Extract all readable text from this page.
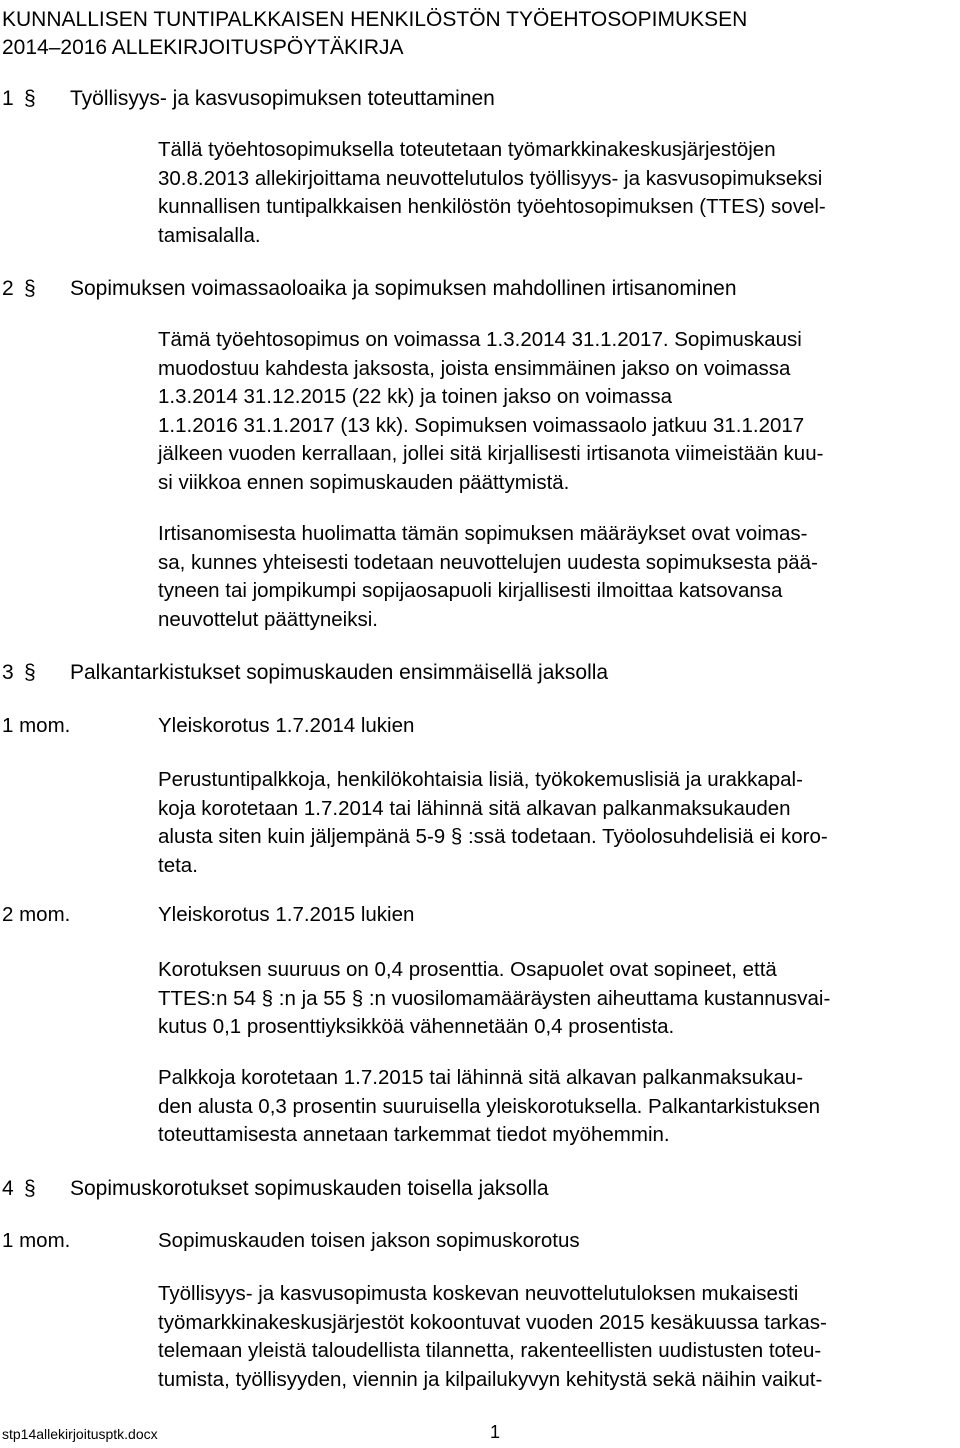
KUNNALLISEN TUNTIPALKKAISEN HENKILÖSTÖN TYÖEHTOSOPIMUKSEN
2014–2016 ALLEKIRJOITUSPÖYTÄKIRJA
1 § Työllisyys- ja kasvusopimuksen toteuttaminen

Tällä työehtosopimuksella toteutetaan työmarkkinakeskusjärjestöjen
30.8.2013 allekirjoittama neuvottelutulos työllisyys- ja kasvusopimukseksi
kunnallisen tuntipalkkaisen henkilöstön työehtosopimuksen (TTES) sovel-
tamisalalla.

2 § Sopimuksen voimassaoloaika ja sopimuksen mahdollinen irtisanominen

Tämä työehtosopimus on voimassa 1.3.2014 31.1.2017. Sopimuskausi
muodostuu kahdesta jaksosta, joista ensimmäinen jakso on voimassa
1.3.2014 31.12.2015 (22 kk) ja toinen jakso on voimassa
1.1.2016 31.1.2017 (13 kk). Sopimuksen voimassaolo jatkuu 31.1.2017
jälkeen vuoden kerrallaan, jollei sitä kirjallisesti irtisanota viimeistään kuu-
si viikkoa ennen sopimuskauden päättymistä.

Irtisanomisesta huolimatta tämän sopimuksen määräykset ovat voimas-
sa, kunnes yhteisesti todetaan neuvottelujen uudesta sopimuksesta pää-
tyneen tai jompikumpi sopijaosapuoli kirjallisesti ilmoittaa katsovansa
neuvottelut päättyneiksi.

3 § Palkantarkistukset sopimuskauden ensimmäisellä jaksolla
1 mom.	Yleiskorotus 1.7.2014 lukien

Perustuntipalkkoja, henkilökohtaisia lisiä, työkokemuslisiä ja urakkapal-
koja korotetaan 1.7.2014 tai lähinnä sitä alkavan palkanmaksukauden
alusta siten kuin jäljempänä 5-9 § :ssä todetaan. Työolosuhdelisiä ei koro-
teta.

2 mom.	Yleiskorotus 1.7.2015 lukien

Korotuksen suuruus on 0,4 prosenttia. Osapuolet ovat sopineet, että
TTES:n 54 § :n ja 55 § :n vuosilomamääräysten aiheuttama kustannusvai-
kutus 0,1 prosenttiyksikköä vähennetään 0,4 prosentista.

Palkkoja korotetaan 1.7.2015 tai lähinnä sitä alkavan palkanmaksukau-
den alusta 0,3 prosentin suuruisella yleiskorotuksella. Palkantarkistuksen
toteuttamisesta annetaan tarkemmat tiedot myöhemmin.

4 § Sopimuskorotukset sopimuskauden toisella jaksolla
1 mom.	Sopimuskauden toisen jakson sopimuskorotus

Työllisyys- ja kasvusopimusta koskevan neuvottelutuloksen mukaisesti
työmarkkinakeskusjärjestöt kokoontuvat vuoden 2015 kesäkuussa tarkas-
telemaan yleistä taloudellista tilannetta, rakenteellisten uudistusten toteu-
tumista, työllisyyden, viennin ja kilpailukyvyn kehitystä sekä näihin vaikut-

stp14allekirjoitusptk.docx	1
